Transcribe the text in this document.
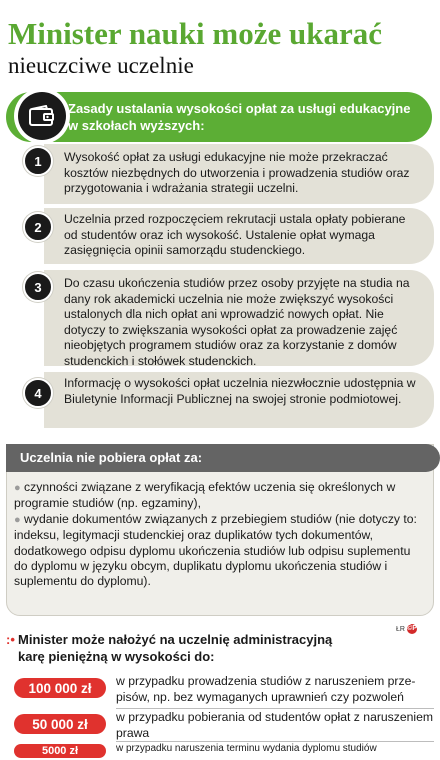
Minister nauki może ukarać
nieuczciwe uczelnie
Zasady ustalania wysokości opłat za usługi edukacyjne w szkołach wyższych:
Wysokość opłat za usługi edukacyjne nie może przekraczać kosztów niezbędnych do utworzenia i prowadzenia studiów oraz przygotowania i wdrażania strategii uczelni.
1
Uczelnia przed rozpoczęciem rekrutacji ustala opłaty pobierane od studentów oraz ich wysokość. Ustalenie opłat wymaga zasięgnięcia opinii samorządu studenckiego.
2
Do czasu ukończenia studiów przez osoby przyjęte na studia na dany rok akademicki uczelnia nie może zwiększyć wysokości ustalonych dla nich opłat ani wprowadzić nowych opłat. Nie dotyczy to zwiększania wysokości opłat za prowadzenie zajęć nieobjętych programem studiów oraz za korzystanie z domów studenckich i stołówek studenckich.
3
Informację o wysokości opłat uczelnia niezwłocznie udostępnia w Biuletynie Informacji Publicznej na swojej stronie podmiotowej.
4
Uczelnia nie pobiera opłat za:
● czynności związane z weryfikacją efektów uczenia się określonych w programie studiów (np. egzaminy),
● wydanie dokumentów związanych z przebiegiem studiów (nie dotyczy to: indeksu, legitymacji studenckiej oraz duplikatów tych dokumentów, dodatkowego odpisu dyplomu ukończenia studiów lub odpisu suplementu do dyplomu w języku obcym, duplikatu dyplomu ukończenia studiów i suplementu do dyplomu).
ŁR ©P
:• Minister może nałożyć na uczelnię administracyjną karę pieniężną w wysokości do:
100 000 zł	w przypadku prowadzenia studiów z naruszeniem przepisów, np. bez wymaganych uprawnień czy pozwoleń
50 000 zł	w przypadku pobierania od studentów opłat z naruszeniem prawa
5000 zł	w przypadku naruszenia terminu wydania dyplomu studiów
